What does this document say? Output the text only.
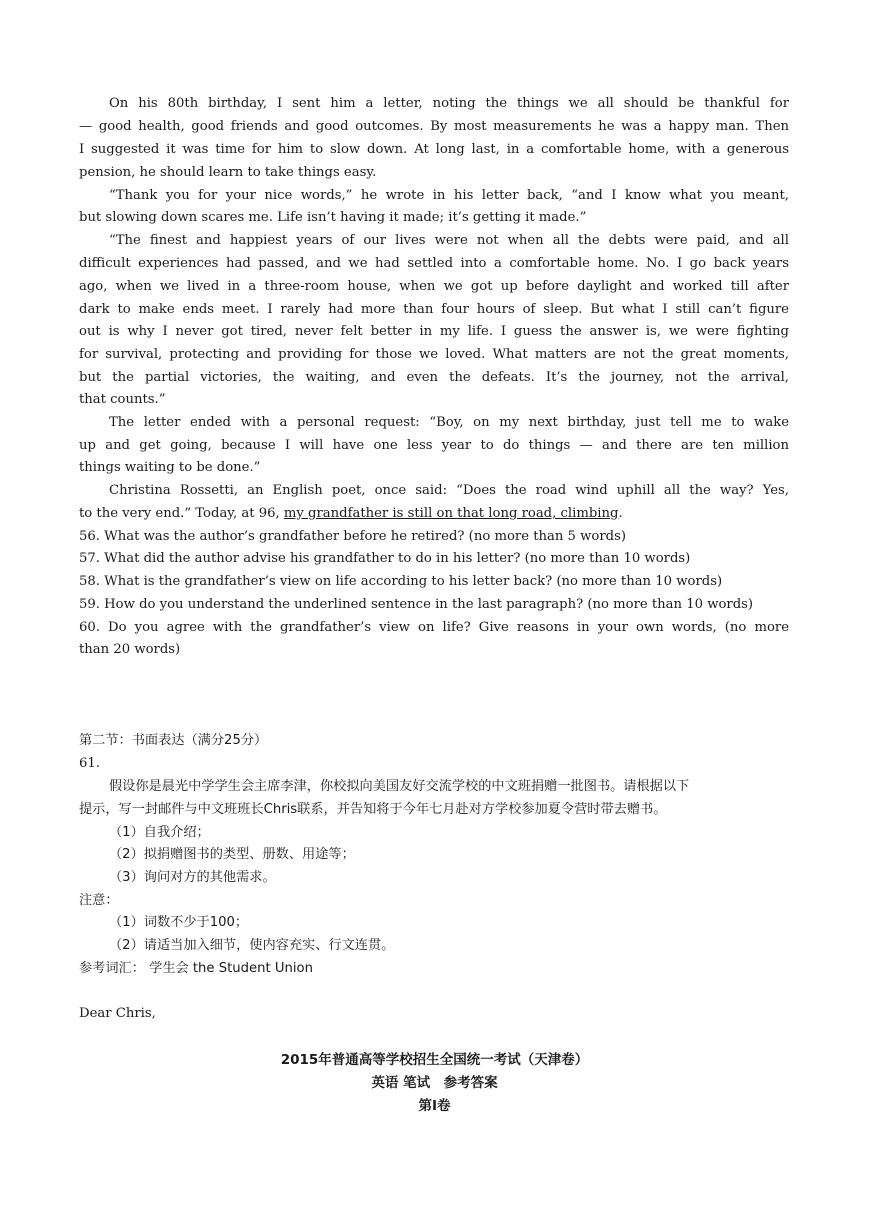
On his 80th birthday, I sent him a letter, noting the things we all should be thankful for
— good health, good friends and good outcomes. By most measurements he was a happy man. Then
I suggested it was time for him to slow down. At long last, in a comfortable home, with a generous
pension, he should learn to take things easy.
“Thank you for your nice words,” he wrote in his letter back, “and I know what you meant,
but slowing down scares me. Life isn’t having it made; it’s getting it made.”
“The finest and happiest years of our lives were not when all the debts were paid, and all
difficult experiences had passed, and we had settled into a comfortable home. No. I go back years
ago, when we lived in a three-room house, when we got up before daylight and worked till after
dark to make ends meet. I rarely had more than four hours of sleep. But what I still can’t figure
out is why I never got tired, never felt better in my life. I guess the answer is, we were fighting
for survival, protecting and providing for those we loved. What matters are not the great moments,
but the partial victories, the waiting, and even the defeats. It’s the journey, not the arrival,
that counts.”
The letter ended with a personal request: “Boy, on my next birthday, just tell me to wake
up and get going, because I will have one less year to do things — and there are ten million
things waiting to be done.”
Christina Rossetti, an English poet, once said: “Does the road wind uphill all the way? Yes,
to the very end.” Today, at 96, my grandfather is still on that long road, climbing.
56. What was the author’s grandfather before he retired? (no more than 5 words)
57. What did the author advise his grandfather to do in his letter? (no more than 10 words)
58. What is the grandfather’s view on life according to his letter back? (no more than 10 words)
59. How do you understand the underlined sentence in the last paragraph? (no more than 10 words)
60. Do you agree with the grandfather’s view on life? Give reasons in your own words, (no more
than 20 words)
第二节：书面表达（满分25分）
61.
假设你是晨光中学学生会主席李津，你校拟向美国友好交流学校的中文班捐赠一批图书。请根据以下
提示，写一封邮件与中文班班长Chris联系，并告知将于今年七月赴对方学校参加夏令营时带去赠书。
（1）自我介绍；
（2）拟捐赠图书的类型、册数、用途等；
（3）询问对方的其他需求。
注意：
（1）词数不少于100；
（2）请适当加入细节，使内容充实、行文连贯。
参考词汇： 学生会 the Student Union
Dear Chris,
2015年普通高等学校招生全国统一考试（天津卷）
英语 笔试　参考答案
第Ⅰ卷
